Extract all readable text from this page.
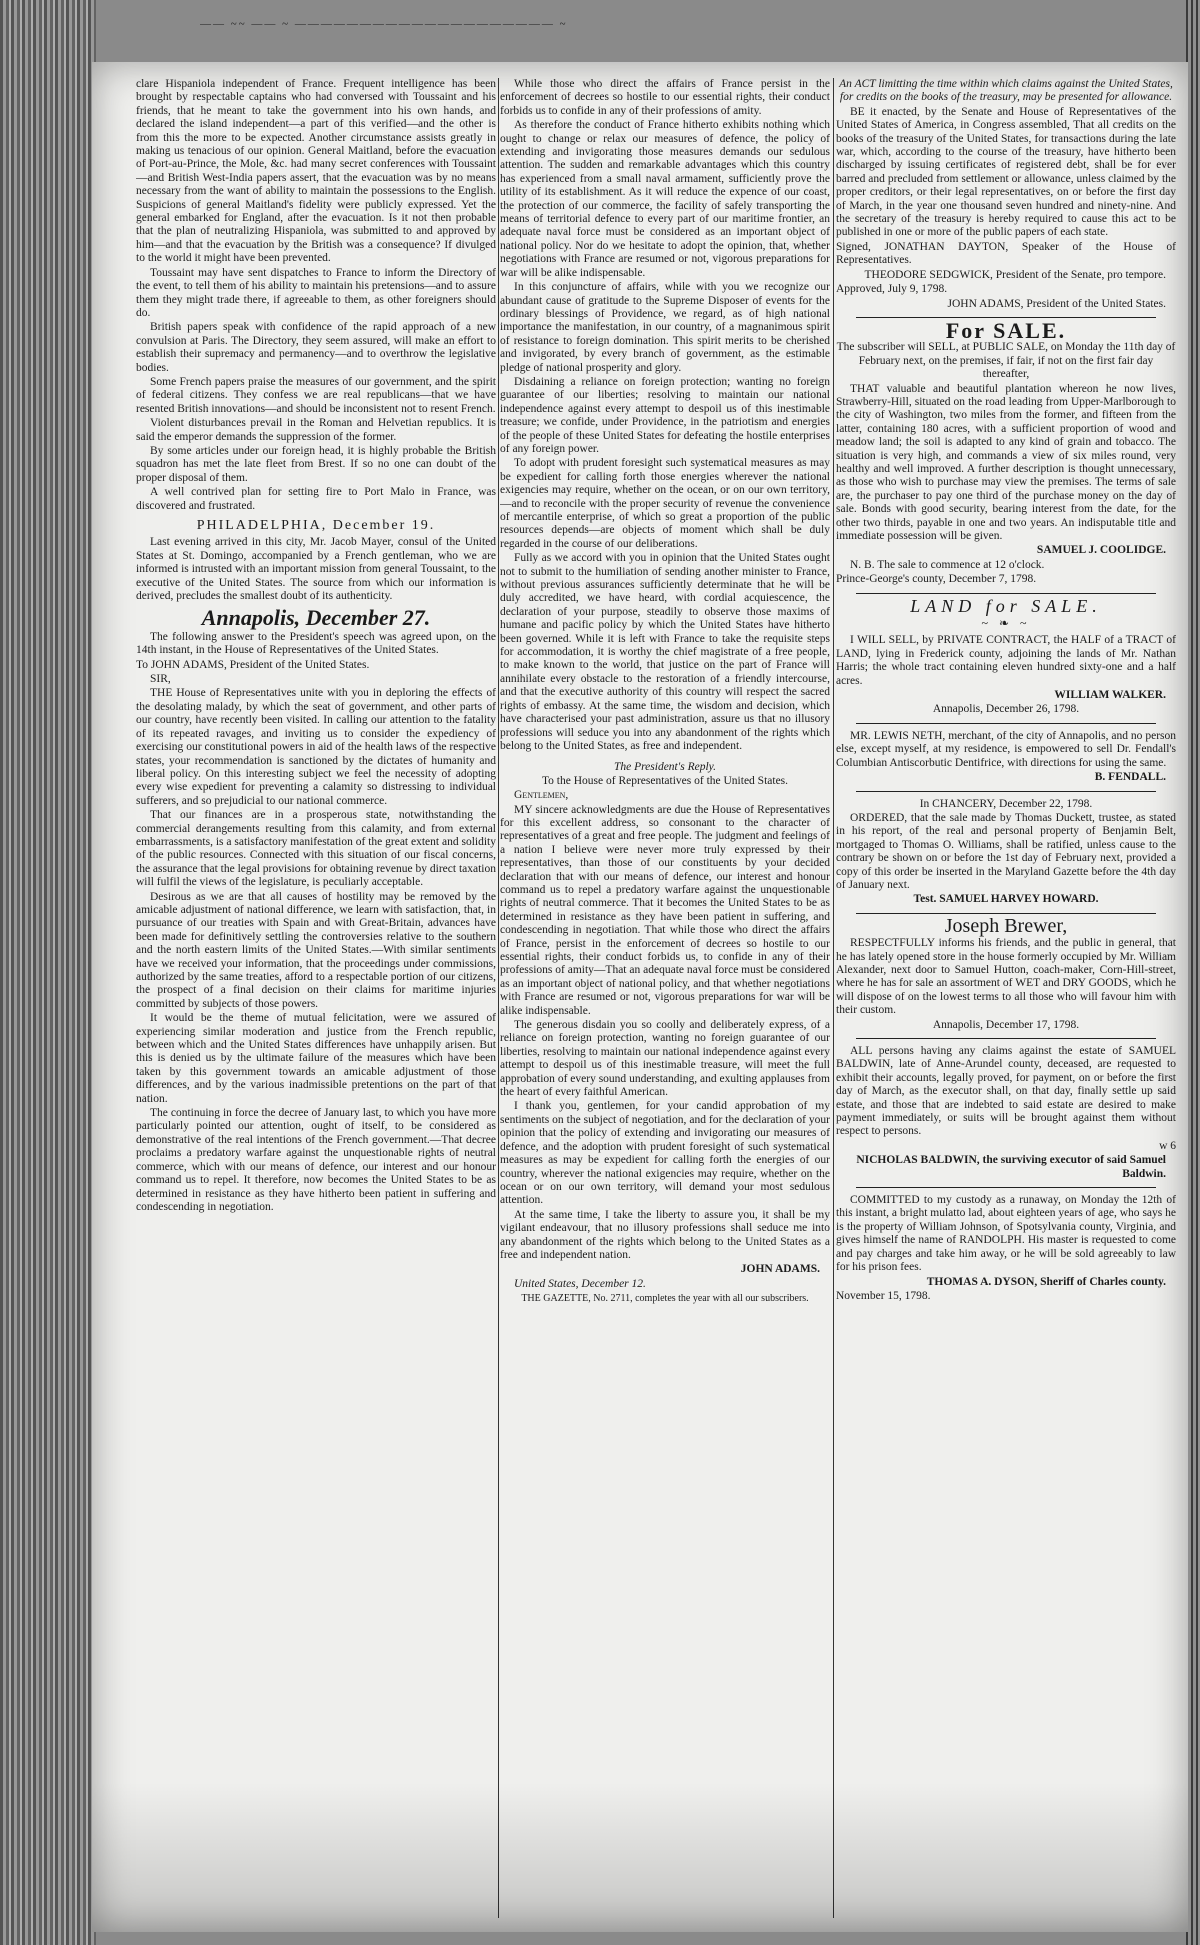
—— ~~ —— ~ ———————————————————— ~

clare Hispaniola independent of France. Frequent intelligence has been brought by respectable captains who had conversed with Toussaint and his friends, that he meant to take the government into his own hands, and declared the island independent—a part of this verified—and the other is from this the more to be expected. Another circumstance assists greatly in making us tenacious of our opinion. General Maitland, before the evacuation of Port-au-Prince, the Mole, &c. had many secret conferences with Toussaint—and British West-India papers assert, that the evacuation was by no means necessary from the want of ability to maintain the possessions to the English. Suspicions of general Maitland's fidelity were publicly expressed. Yet the general embarked for England, after the evacuation. Is it not then probable that the plan of neutralizing Hispaniola, was submitted to and approved by him—and that the evacuation by the British was a consequence? If divulged to the world it might have been prevented.

Toussaint may have sent dispatches to France to inform the Directory of the event, to tell them of his ability to maintain his pretensions—and to assure them they might trade there, if agreeable to them, as other foreigners should do.

British papers speak with confidence of the rapid approach of a new convulsion at Paris. The Directory, they seem assured, will make an effort to establish their supremacy and permanency—and to overthrow the legislative bodies.

Some French papers praise the measures of our government, and the spirit of federal citizens. They confess we are real republicans—that we have resented British innovations—and should be inconsistent not to resent French.

Violent disturbances prevail in the Roman and Helvetian republics. It is said the emperor demands the suppression of the former.

By some articles under our foreign head, it is highly probable the British squadron has met the late fleet from Brest. If so no one can doubt of the proper disposal of them.

A well contrived plan for setting fire to Port Malo in France, was discovered and frustrated.

PHILADELPHIA, December 19.

Last evening arrived in this city, Mr. Jacob Mayer, consul of the United States at St. Domingo, accompanied by a French gentleman, who we are informed is intrusted with an important mission from general Toussaint, to the executive of the United States. The source from which our information is derived, precludes the smallest doubt of its authenticity.

Annapolis, December 27.

The following answer to the President's speech was agreed upon, on the 14th instant, in the House of Representatives of the United States.

To JOHN ADAMS, President of the United States.

SIR,

THE House of Representatives unite with you in deploring the effects of the desolating malady, by which the seat of government, and other parts of our country, have recently been visited. In calling our attention to the fatality of its repeated ravages, and inviting us to consider the expediency of exercising our constitutional powers in aid of the health laws of the respective states, your recommendation is sanctioned by the dictates of humanity and liberal policy. On this interesting subject we feel the necessity of adopting every wise expedient for preventing a calamity so distressing to individual sufferers, and so prejudicial to our national commerce.

That our finances are in a prosperous state, notwithstanding the commercial derangements resulting from this calamity, and from external embarrassments, is a satisfactory manifestation of the great extent and solidity of the public resources. Connected with this situation of our fiscal concerns, the assurance that the legal provisions for obtaining revenue by direct taxation will fulfil the views of the legislature, is peculiarly acceptable.

Desirous as we are that all causes of hostility may be removed by the amicable adjustment of national difference, we learn with satisfaction, that, in pursuance of our treaties with Spain and with Great-Britain, advances have been made for definitively settling the controversies relative to the southern and the north eastern limits of the United States.—With similar sentiments have we received your information, that the proceedings under commissions, authorized by the same treaties, afford to a respectable portion of our citizens, the prospect of a final decision on their claims for maritime injuries committed by subjects of those powers.

It would be the theme of mutual felicitation, were we assured of experiencing similar moderation and justice from the French republic, between which and the United States differences have unhappily arisen. But this is denied us by the ultimate failure of the measures which have been taken by this government towards an amicable adjustment of those differences, and by the various inadmissible pretentions on the part of that nation.

The continuing in force the decree of January last, to which you have more particularly pointed our attention, ought of itself, to be considered as demonstrative of the real intentions of the French government.—That decree proclaims a predatory warfare against the unquestionable rights of neutral commerce, which with our means of defence, our interest and our honour command us to repel. It therefore, now becomes the United States to be as determined in resistance as they have hitherto been patient in suffering and condescending in negotiation.

While those who direct the affairs of France persist in the enforcement of decrees so hostile to our essential rights, their conduct forbids us to confide in any of their professions of amity.

As therefore the conduct of France hitherto exhibits nothing which ought to change or relax our measures of defence, the policy of extending and invigorating those measures demands our sedulous attention. The sudden and remarkable advantages which this country has experienced from a small naval armament, sufficiently prove the utility of its establishment. As it will reduce the expence of our coast, the protection of our commerce, the facility of safely transporting the means of territorial defence to every part of our maritime frontier, an adequate naval force must be considered as an important object of national policy. Nor do we hesitate to adopt the opinion, that, whether negotiations with France are resumed or not, vigorous preparations for war will be alike indispensable.

In this conjuncture of affairs, while with you we recognize our abundant cause of gratitude to the Supreme Disposer of events for the ordinary blessings of Providence, we regard, as of high national importance the manifestation, in our country, of a magnanimous spirit of resistance to foreign domination. This spirit merits to be cherished and invigorated, by every branch of government, as the estimable pledge of national prosperity and glory.

Disdaining a reliance on foreign protection; wanting no foreign guarantee of our liberties; resolving to maintain our national independence against every attempt to despoil us of this inestimable treasure; we confide, under Providence, in the patriotism and energies of the people of these United States for defeating the hostile enterprises of any foreign power.

To adopt with prudent foresight such systematical measures as may be expedient for calling forth those energies wherever the national exigencies may require, whether on the ocean, or on our own territory,—and to reconcile with the proper security of revenue the convenience of mercantile enterprise, of which so great a proportion of the public resources depends—are objects of moment which shall be duly regarded in the course of our deliberations.

Fully as we accord with you in opinion that the United States ought not to submit to the humiliation of sending another minister to France, without previous assurances sufficiently determinate that he will be duly accredited, we have heard, with cordial acquiescence, the declaration of your purpose, steadily to observe those maxims of humane and pacific policy by which the United States have hitherto been governed. While it is left with France to take the requisite steps for accommodation, it is worthy the chief magistrate of a free people, to make known to the world, that justice on the part of France will annihilate every obstacle to the restoration of a friendly intercourse, and that the executive authority of this country will respect the sacred rights of embassy. At the same time, the wisdom and decision, which have characterised your past administration, assure us that no illusory professions will seduce you into any abandonment of the rights which belong to the United States, as free and independent.

The President's Reply.

To the House of Representatives of the United States.

Gentlemen,

MY sincere acknowledgments are due the House of Representatives for this excellent address, so consonant to the character of representatives of a great and free people. The judgment and feelings of a nation I believe were never more truly expressed by their representatives, than those of our constituents by your decided declaration that with our means of defence, our interest and honour command us to repel a predatory warfare against the unquestionable rights of neutral commerce. That it becomes the United States to be as determined in resistance as they have been patient in suffering, and condescending in negotiation. That while those who direct the affairs of France, persist in the enforcement of decrees so hostile to our essential rights, their conduct forbids us, to confide in any of their professions of amity—That an adequate naval force must be considered as an important object of national policy, and that whether negotiations with France are resumed or not, vigorous preparations for war will be alike indispensable.

The generous disdain you so coolly and deliberately express, of a reliance on foreign protection, wanting no foreign guarantee of our liberties, resolving to maintain our national independence against every attempt to despoil us of this inestimable treasure, will meet the full approbation of every sound understanding, and exulting applauses from the heart of every faithful American.

I thank you, gentlemen, for your candid approbation of my sentiments on the subject of negotiation, and for the declaration of your opinion that the policy of extending and invigorating our measures of defence, and the adoption with prudent foresight of such systematical measures as may be expedient for calling forth the energies of our country, wherever the national exigencies may require, whether on the ocean or on our own territory, will demand your most sedulous attention.

At the same time, I take the liberty to assure you, it shall be my vigilant endeavour, that no illusory professions shall seduce me into any abandonment of the rights which belong to the United States as a free and independent nation.

JOHN ADAMS.

United States, December 12.

THE GAZETTE, No. 2711, completes the year with all our subscribers.

An ACT limitting the time within which claims against the United States, for credits on the books of the treasury, may be presented for allowance.

BE it enacted, by the Senate and House of Representatives of the United States of America, in Congress assembled, That all credits on the books of the treasury of the United States, for transactions during the late war, which, according to the course of the treasury, have hitherto been discharged by issuing certificates of registered debt, shall be for ever barred and precluded from settlement or allowance, unless claimed by the proper creditors, or their legal representatives, on or before the first day of March, in the year one thousand seven hundred and ninety-nine. And the secretary of the treasury is hereby required to cause this act to be published in one or more of the public papers of each state.

Signed, JONATHAN DAYTON, Speaker of the House of Representatives.

THEODORE SEDGWICK, President of the Senate, pro tempore.

Approved, July 9, 1798.

JOHN ADAMS, President of the United States.

For SALE.

The subscriber will SELL, at PUBLIC SALE, on Monday the 11th day of February next, on the premises, if fair, if not on the first fair day thereafter,

THAT valuable and beautiful plantation whereon he now lives, Strawberry-Hill, situated on the road leading from Upper-Marlborough to the city of Washington, two miles from the former, and fifteen from the latter, containing 180 acres, with a sufficient proportion of wood and meadow land; the soil is adapted to any kind of grain and tobacco. The situation is very high, and commands a view of six miles round, very healthy and well improved. A further description is thought unnecessary, as those who wish to purchase may view the premises. The terms of sale are, the purchaser to pay one third of the purchase money on the day of sale. Bonds with good security, bearing interest from the date, for the other two thirds, payable in one and two years. An indisputable title and immediate possession will be given.

SAMUEL J. COOLIDGE.

N. B. The sale to commence at 12 o'clock.

Prince-George's county, December 7, 1798.

LAND for SALE.
~ ❧ ~

I WILL SELL, by PRIVATE CONTRACT, the HALF of a TRACT of LAND, lying in Frederick county, adjoining the lands of Mr. Nathan Harris; the whole tract containing eleven hundred sixty-one and a half acres.

WILLIAM WALKER.

Annapolis, December 26, 1798.

MR. LEWIS NETH, merchant, of the city of Annapolis, and no person else, except myself, at my residence, is empowered to sell Dr. Fendall's Columbian Antiscorbutic Dentifrice, with directions for using the same.

B. FENDALL.

In CHANCERY, December 22, 1798.

ORDERED, that the sale made by Thomas Duckett, trustee, as stated in his report, of the real and personal property of Benjamin Belt, mortgaged to Thomas O. Williams, shall be ratified, unless cause to the contrary be shown on or before the 1st day of February next, provided a copy of this order be inserted in the Maryland Gazette before the 4th day of January next.

Test. SAMUEL HARVEY HOWARD.

Joseph Brewer,

RESPECTFULLY informs his friends, and the public in general, that he has lately opened store in the house formerly occupied by Mr. William Alexander, next door to Samuel Hutton, coach-maker, Corn-Hill-street, where he has for sale an assortment of WET and DRY GOODS, which he will dispose of on the lowest terms to all those who will favour him with their custom.

Annapolis, December 17, 1798.

ALL persons having any claims against the estate of SAMUEL BALDWIN, late of Anne-Arundel county, deceased, are requested to exhibit their accounts, legally proved, for payment, on or before the first day of March, as the executor shall, on that day, finally settle up said estate, and those that are indebted to said estate are desired to make payment immediately, or suits will be brought against them without respect to persons.

w 6

NICHOLAS BALDWIN, the surviving executor of said Samuel Baldwin.

COMMITTED to my custody as a runaway, on Monday the 12th of this instant, a bright mulatto lad, about eighteen years of age, who says he is the property of William Johnson, of Spotsylvania county, Virginia, and gives himself the name of RANDOLPH. His master is requested to come and pay charges and take him away, or he will be sold agreeably to law for his prison fees.

THOMAS A. DYSON, Sheriff of Charles county.

November 15, 1798.
